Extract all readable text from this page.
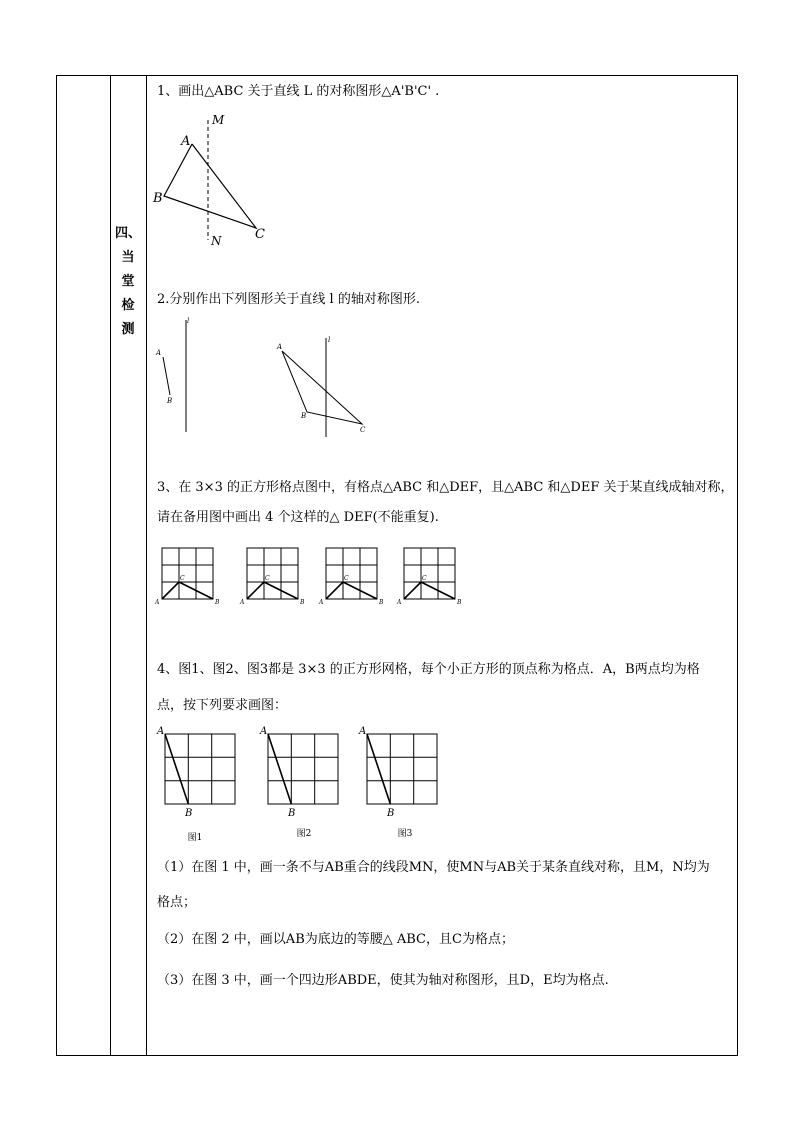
四、
当
堂
检
测
1、画出△ABC 关于直线 L 的对称图形△A'B'C' .
A
B
C
M
N
2.分别作出下列图形关于直线 l 的轴对称图形.
l
A
B
l
A
B
C
3、在 3×3 的正方形格点图中，有格点△ABC 和△DEF，且△ABC 和△DEF 关于某直线成轴对称，
请在备用图中画出 4 个这样的△ DEF(不能重复).
A	B
C
A	B
C
A	B
C
A	B
C
4、图1、图2、图3都是 3×3 的正方形网格，每个小正方形的顶点称为格点．A，B两点均为格
点，按下列要求画图：
A
B
图1
A
B
图2
A
B
图3
（1）在图 1 中，画一条不与AB重合的线段MN，使MN与AB关于某条直线对称，且M，N均为
格点；
（2）在图 2 中，画以AB为底边的等腰△ ABC，且C为格点；
（3）在图 3 中，画一个四边形ABDE，使其为轴对称图形，且D，E均为格点.
